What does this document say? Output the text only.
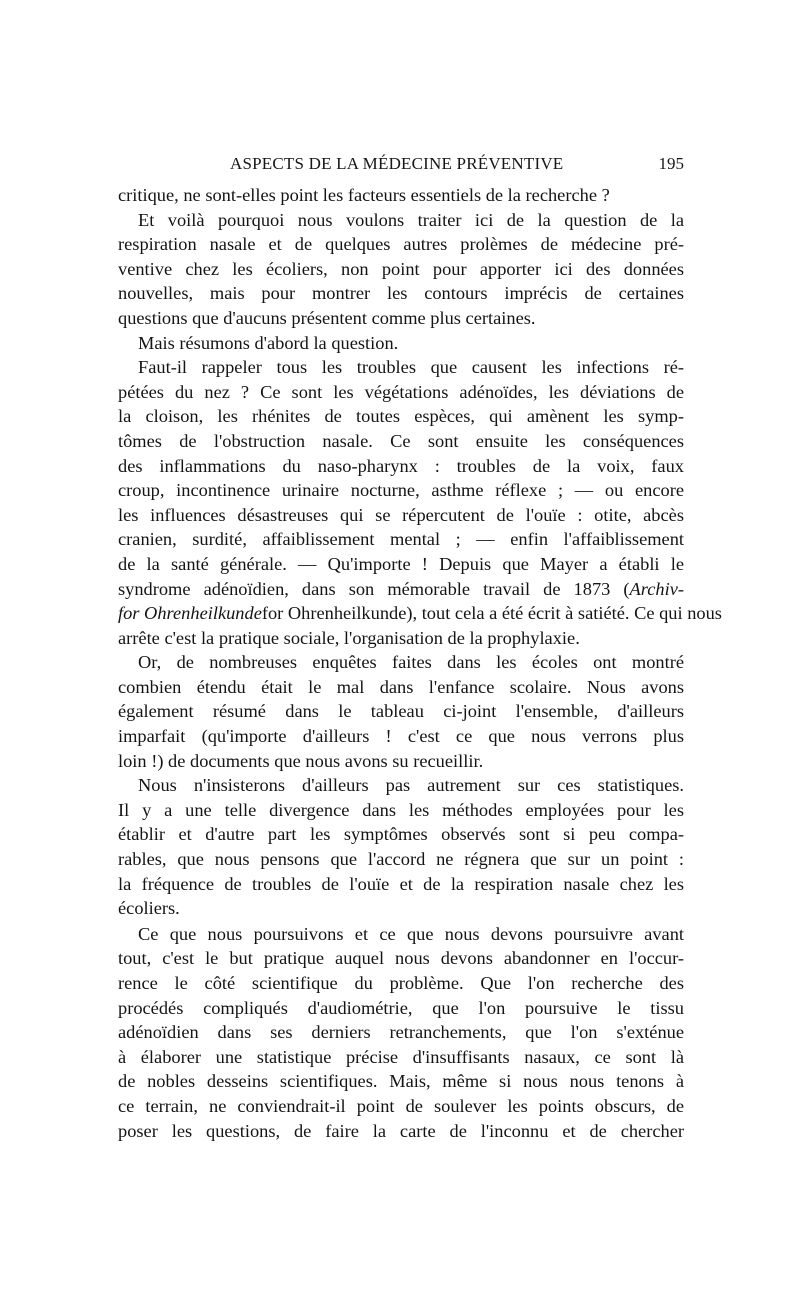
ASPECTS DE LA MÉDECINE PRÉVENTIVE	195
critique, ne sont-elles point les facteurs essentiels de la recherche ?
Et voilà pourquoi nous voulons traiter ici de la question de la
respiration nasale et de quelques autres prolèmes de médecine pré-
ventive chez les écoliers, non point pour apporter ici des données
nouvelles, mais pour montrer les contours imprécis de certaines
questions que d'aucuns présentent comme plus certaines.
Mais résumons d'abord la question.
Faut-il rappeler tous les troubles que causent les infections ré-
pétées du nez ? Ce sont les végétations adénoïdes, les déviations de
la cloison, les rhénites de toutes espèces, qui amènent les symp-
tômes de l'obstruction nasale. Ce sont ensuite les conséquences
des inflammations du naso-pharynx : troubles de la voix, faux
croup, incontinence urinaire nocturne, asthme réflexe ; — ou encore
les influences désastreuses qui se répercutent de l'ouïe : otite, abcès
cranien, surdité, affaiblissement mental ; — enfin l'affaiblissement
de la santé générale. — Qu'importe ! Depuis que Mayer a établi le
syndrome adénoïdien, dans son mémorable travail de 1873 (Archiv-
for Ohrenheilkundefor Ohrenheilkunde), tout cela a été écrit à satiété. Ce qui nous
arrête c'est la pratique sociale, l'organisation de la prophylaxie.
Or, de nombreuses enquêtes faites dans les écoles ont montré
combien étendu était le mal dans l'enfance scolaire. Nous avons
également résumé dans le tableau ci-joint l'ensemble, d'ailleurs
imparfait (qu'importe d'ailleurs ! c'est ce que nous verrons plus
loin !) de documents que nous avons su recueillir.
Nous n'insisterons d'ailleurs pas autrement sur ces statistiques.
Il y a une telle divergence dans les méthodes employées pour les
établir et d'autre part les symptômes observés sont si peu compa-
rables, que nous pensons que l'accord ne régnera que sur un point :
la fréquence de troubles de l'ouïe et de la respiration nasale chez les
écoliers.
Ce que nous poursuivons et ce que nous devons poursuivre avant
tout, c'est le but pratique auquel nous devons abandonner en l'occur-
rence le côté scientifique du problème. Que l'on recherche des
procédés compliqués d'audiométrie, que l'on poursuive le tissu
adénoïdien dans ses derniers retranchements, que l'on s'exténue
à élaborer une statistique précise d'insuffisants nasaux, ce sont là
de nobles desseins scientifiques. Mais, même si nous nous tenons à
ce terrain, ne conviendrait-il point de soulever les points obscurs, de
poser les questions, de faire la carte de l'inconnu et de chercher
